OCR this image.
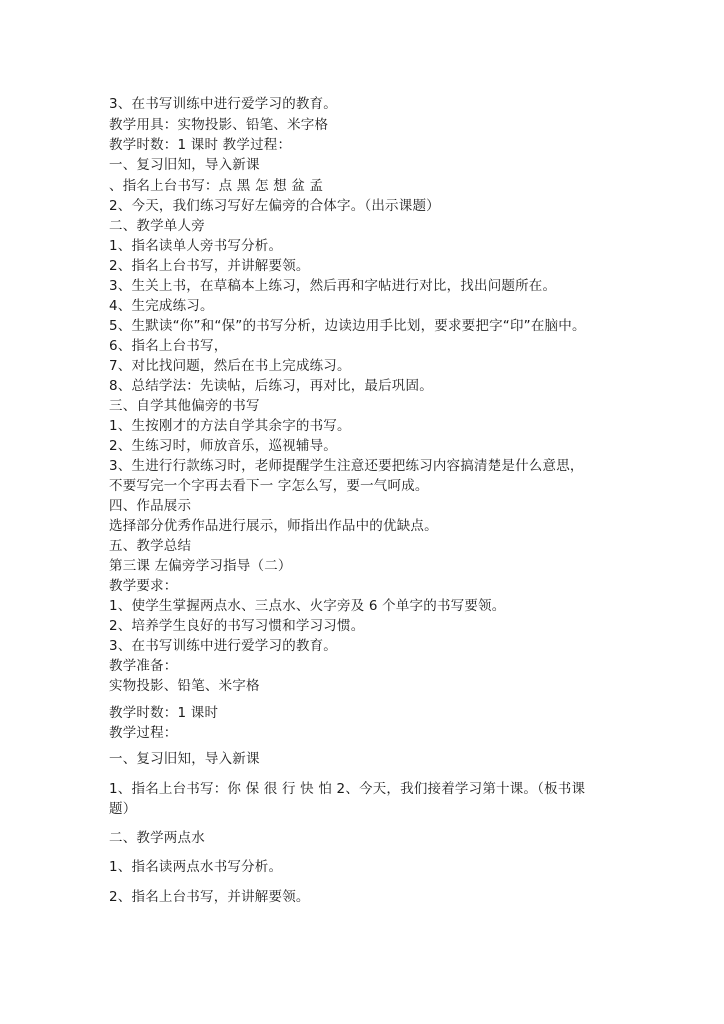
3、在书写训练中进行爱学习的教育。
教学用具：实物投影、铅笔、米字格
教学时数：1 课时 教学过程：
一、复习旧知，导入新课
、指名上台书写：点 黑 怎 想 盆 孟
2、今天，我们练习写好左偏旁的合体字。（出示课题）
二、教学单人旁
1、指名读单人旁书写分析。
2、指名上台书写，并讲解要领。
3、生关上书，在草稿本上练习，然后再和字帖进行对比，找出问题所在。
4、生完成练习。
5、生默读“你”和“保”的书写分析，边读边用手比划，要求要把字“印”在脑中。
6、指名上台书写，
7、对比找问题，然后在书上完成练习。
8、总结学法：先读帖，后练习，再对比，最后巩固。
三、自学其他偏旁的书写
1、生按刚才的方法自学其余字的书写。
2、生练习时，师放音乐，巡视辅导。
3、生进行行款练习时，老师提醒学生注意还要把练习内容搞清楚是什么意思，
不要写完一个字再去看下一 字怎么写，要一气呵成。
四、作品展示
选择部分优秀作品进行展示，师指出作品中的优缺点。
五、教学总结
第三课 左偏旁学习指导（二）
教学要求：
1、使学生掌握两点水、三点水、火字旁及 6 个单字的书写要领。
2、培养学生良好的书写习惯和学习习惯。
3、在书写训练中进行爱学习的教育。
教学准备：
实物投影、铅笔、米字格
教学时数：1 课时
教学过程：
一、复习旧知，导入新课
1、指名上台书写：你 保 很 行 快 怕 2、今天，我们接着学习第十课。（板书课
题）
二、教学两点水
1、指名读两点水书写分析。
2、指名上台书写，并讲解要领。
